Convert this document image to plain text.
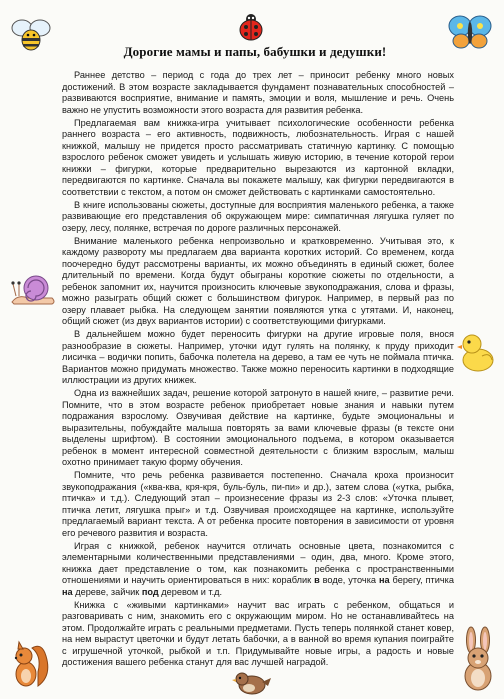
Дорогие мамы и папы, бабушки и дедушки!

Раннее детство – период с года до трех лет – приносит ребенку много новых достижений. В этом возрасте закладывается фундамент познавательных способностей – развиваются восприятие, внимание и память, эмоции и воля, мышление и речь. Очень важно не упустить возможности этого возраста для развития ребенка.

Предлагаемая вам книжка-игра учитывает психологические особенности ребенка раннего возраста – его активность, подвижность, любознательность. Играя с нашей книжкой, малышу не придется просто рассматривать статичную картинку. С помощью взрослого ребенок сможет увидеть и услышать живую историю, в течение которой герои книжки – фигурки, которые предварительно вырезаются из картонной вкладки, передвигаются по картинке. Сначала вы покажете малышу, как фигурки передвигаются в соответствии с текстом, а потом он сможет действовать с картинками самостоятельно.

В книге использованы сюжеты, доступные для восприятия маленького ребенка, а также развивающие его представления об окружающем мире: симпатичная лягушка гуляет по озеру, лесу, полянке, встречая по дороге различных персонажей.

Внимание маленького ребенка непроизвольно и кратковременно. Учитывая это, к каждому развороту мы предлагаем два варианта коротких историй. Со временем, когда поочередно будут рассмотрены варианты, их можно объединять в единый сюжет, более длительный по времени. Когда будут обыграны короткие сюжеты по отдельности, а ребенок запомнит их, научится произносить ключевые звукоподражания, слова и фразы, можно разыграть общий сюжет с большинством фигурок. Например, в первый раз по озеру плавает рыбка. На следующем занятии появляются утка с утятами. И, наконец, общий сюжет (из двух вариантов истории) с соответствующими фигурками.

В дальнейшем можно будет переносить фигурки на другие игровые поля, внося разнообразие в сюжеты. Например, уточки идут гулять на полянку, к пруду приходит лисичка – водички попить, бабочка полетела на дерево, а там ее чуть не поймала птичка. Вариантов можно придумать множество. Также можно переносить картинки в подходящие иллюстрации из других книжек.

Одна из важнейших задач, решение которой затронуто в нашей книге, – развитие речи. Помните, что в этом возрасте ребенок приобретает новые знания и навыки путем подражания взрослому. Озвучивая действие на картинке, будьте эмоциональны и выразительны, побуждайте малыша повторять за вами ключевые фразы (в тексте они выделены шрифтом). В состоянии эмоционального подъема, в котором оказывается ребенок в момент интересной совместной деятельности с близким взрослым, малыш охотно принимает такую форму обучения.

Помните, что речь ребенка развивается постепенно. Сначала кроха произносит звукоподражания («ква-ква, кря-кря, буль-буль, пи-пи» и др.), затем слова («утка, рыбка, птичка» и т.д.). Следующий этап – произнесение фразы из 2-3 слов: «Уточка плывет, птичка летит, лягушка прыг» и т.д. Озвучивая происходящее на картинке, используйте предлагаемый вариант текста. А от ребенка просите повторения в зависимости от уровня его речевого развития и возраста.

Играя с книжкой, ребенок научится отличать основные цвета, познакомится с элементарными количественными представлениями – один, два, много. Кроме этого, книжка дает представление о том, как познакомить ребенка с пространственными отношениями и научить ориентироваться в них: кораблик в воде, уточка на берегу, птичка на дереве, зайчик под деревом и т.д.

Книжка с «живыми картинками» научит вас играть с ребенком, общаться и разговаривать с ним, знакомить его с окружающим миром. Но не останавливайтесь на этом. Продолжайте играть с реальными предметами. Пусть теперь полянкой станет ковер, на нем вырастут цветочки и будут летать бабочки, а в ванной во время купания поиграйте с игрушечной уточкой, рыбкой и т.п. Придумывайте новые игры, а радость и новые достижения вашего ребенка станут для вас лучшей наградой.
